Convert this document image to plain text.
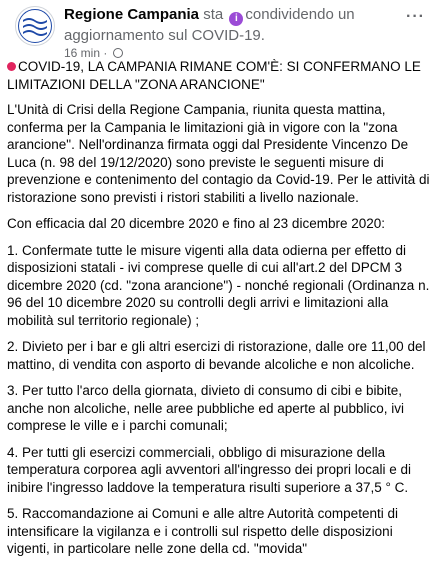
Regione Campania sta i condividendo un aggiornamento sul COVID-19.
16 min ·
···

COVID-19, LA CAMPANIA RIMANE COM'È: SI CONFERMANO LE LIMITAZIONI DELLA "ZONA ARANCIONE"

L'Unità di Crisi della Regione Campania, riunita questa mattina, conferma per la Campania le limitazioni già in vigore con la "zona arancione". Nell'ordinanza firmata oggi dal Presidente Vincenzo De Luca (n. 98 del 19/12/2020) sono previste le seguenti misure di prevenzione e contenimento del contagio da Covid-19. Per le attività di ristorazione sono previsti i ristori stabiliti a livello nazionale.

Con efficacia dal 20 dicembre 2020 e fino al 23 dicembre 2020:

1. Confermate tutte le misure vigenti alla data odierna per effetto di disposizioni statali - ivi comprese quelle di cui all'art.2 del DPCM 3 dicembre 2020 (cd. "zona arancione") - nonché regionali (Ordinanza n. 96 del 10 dicembre 2020 su controlli degli arrivi e limitazioni alla mobilità sul territorio regionale) ;

2. Divieto per i bar e gli altri esercizi di ristorazione, dalle ore 11,00 del mattino, di vendita con asporto di bevande alcoliche e non alcoliche.

3. Per tutto l'arco della giornata, divieto di consumo di cibi e bibite, anche non alcoliche, nelle aree pubbliche ed aperte al pubblico, ivi comprese le ville e i parchi comunali;

4. Per tutti gli esercizi commerciali, obbligo di misurazione della temperatura corporea agli avventori all'ingresso dei propri locali e di inibire l'ingresso laddove la temperatura risulti superiore a 37,5 ° C.

5. Raccomandazione ai Comuni e alle altre Autorità competenti di intensificare la vigilanza e i controlli sul rispetto delle disposizioni vigenti, in particolare nelle zone della cd. "movida"
